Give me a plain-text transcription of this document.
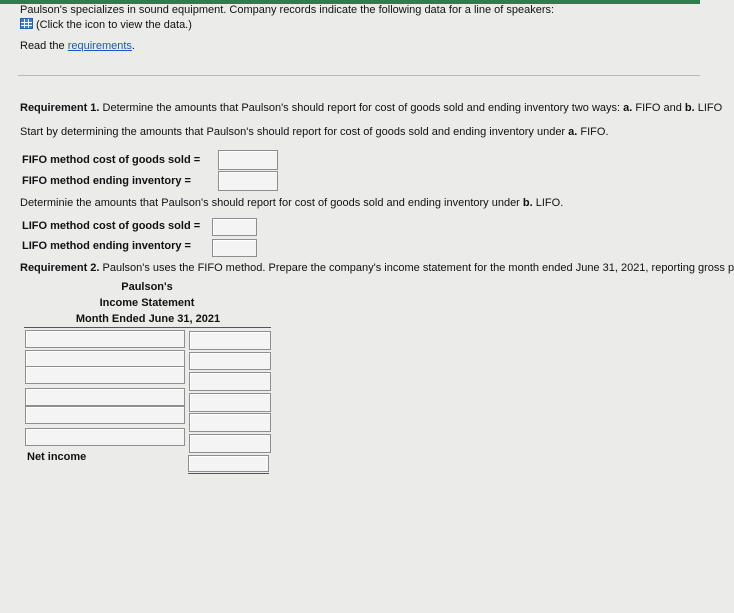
Paulson's specializes in sound equipment. Company records indicate the following data for a line of speakers:
(Click the icon to view the data.)
Read the requirements.
Requirement 1. Determine the amounts that Paulson's should report for cost of goods sold and ending inventory two ways: a. FIFO and b. LIFO
Start by determining the amounts that Paulson's should report for cost of goods sold and ending inventory under a. FIFO.
FIFO method cost of goods sold =
FIFO method ending inventory =
Determinie the amounts that Paulson's should report for cost of goods sold and ending inventory under b. LIFO.
LIFO method cost of goods sold =
LIFO method ending inventory =
Requirement 2. Paulson's uses the FIFO method. Prepare the company's income statement for the month ended June 31, 2021, reporting gross p
Paulson's
Income Statement
Month Ended June 31, 2021
Net income
